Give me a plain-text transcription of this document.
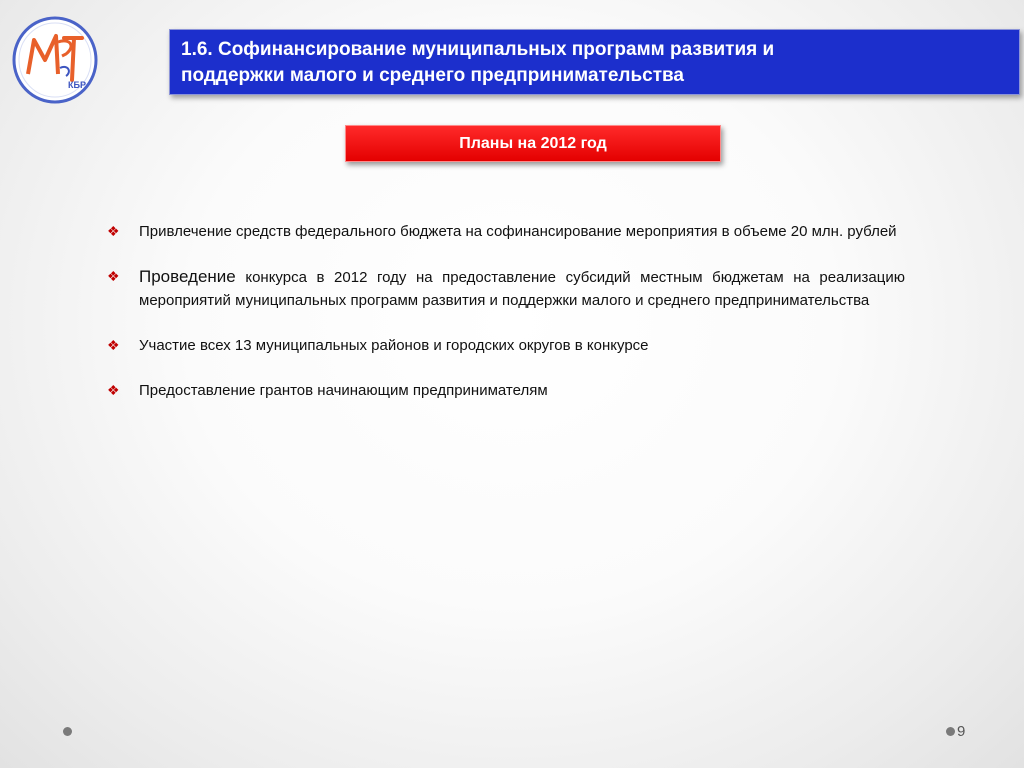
КБР
1.6. Софинансирование муниципальных программ развития и
поддержки малого и среднего предпринимательства
Планы на 2012 год
❖ Привлечение средств федерального бюджета на софинансирование мероприятия в объеме 20 млн. рублей
❖ Проведение конкурса в 2012 году на предоставление субсидий местным бюджетам на реализацию мероприятий муниципальных программ развития и поддержки малого и среднего предпринимательства
❖ Участие всех 13 муниципальных районов и городских округов в конкурсе
❖ Предоставление грантов начинающим предпринимателям
9
